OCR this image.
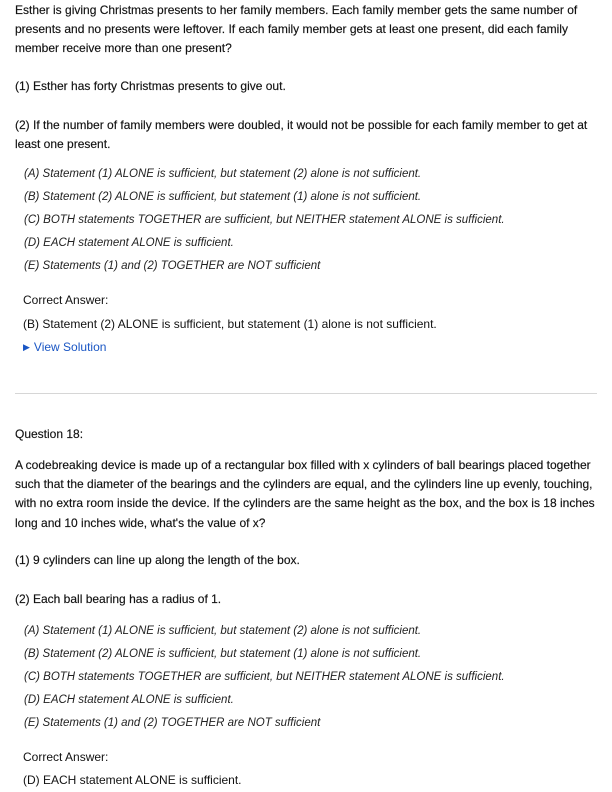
Esther is giving Christmas presents to her family members. Each family member gets the same number of presents and no presents were leftover. If each family member gets at least one present, did each family member receive more than one present?
(1) Esther has forty Christmas presents to give out.
(2) If the number of family members were doubled, it would not be possible for each family member to get at least one present.
(A) Statement (1) ALONE is sufficient, but statement (2) alone is not sufficient.
(B) Statement (2) ALONE is sufficient, but statement (1) alone is not sufficient.
(C) BOTH statements TOGETHER are sufficient, but NEITHER statement ALONE is sufficient.
(D) EACH statement ALONE is sufficient.
(E) Statements (1) and (2) TOGETHER are NOT sufficient
Correct Answer:
(B) Statement (2) ALONE is sufficient, but statement (1) alone is not sufficient.
▶ View Solution
Question 18:
A codebreaking device is made up of a rectangular box filled with x cylinders of ball bearings placed together such that the diameter of the bearings and the cylinders are equal, and the cylinders line up evenly, touching, with no extra room inside the device. If the cylinders are the same height as the box, and the box is 18 inches long and 10 inches wide, what's the value of x?
(1) 9 cylinders can line up along the length of the box.
(2) Each ball bearing has a radius of 1.
(A) Statement (1) ALONE is sufficient, but statement (2) alone is not sufficient.
(B) Statement (2) ALONE is sufficient, but statement (1) alone is not sufficient.
(C) BOTH statements TOGETHER are sufficient, but NEITHER statement ALONE is sufficient.
(D) EACH statement ALONE is sufficient.
(E) Statements (1) and (2) TOGETHER are NOT sufficient
Correct Answer:
(D) EACH statement ALONE is sufficient.
